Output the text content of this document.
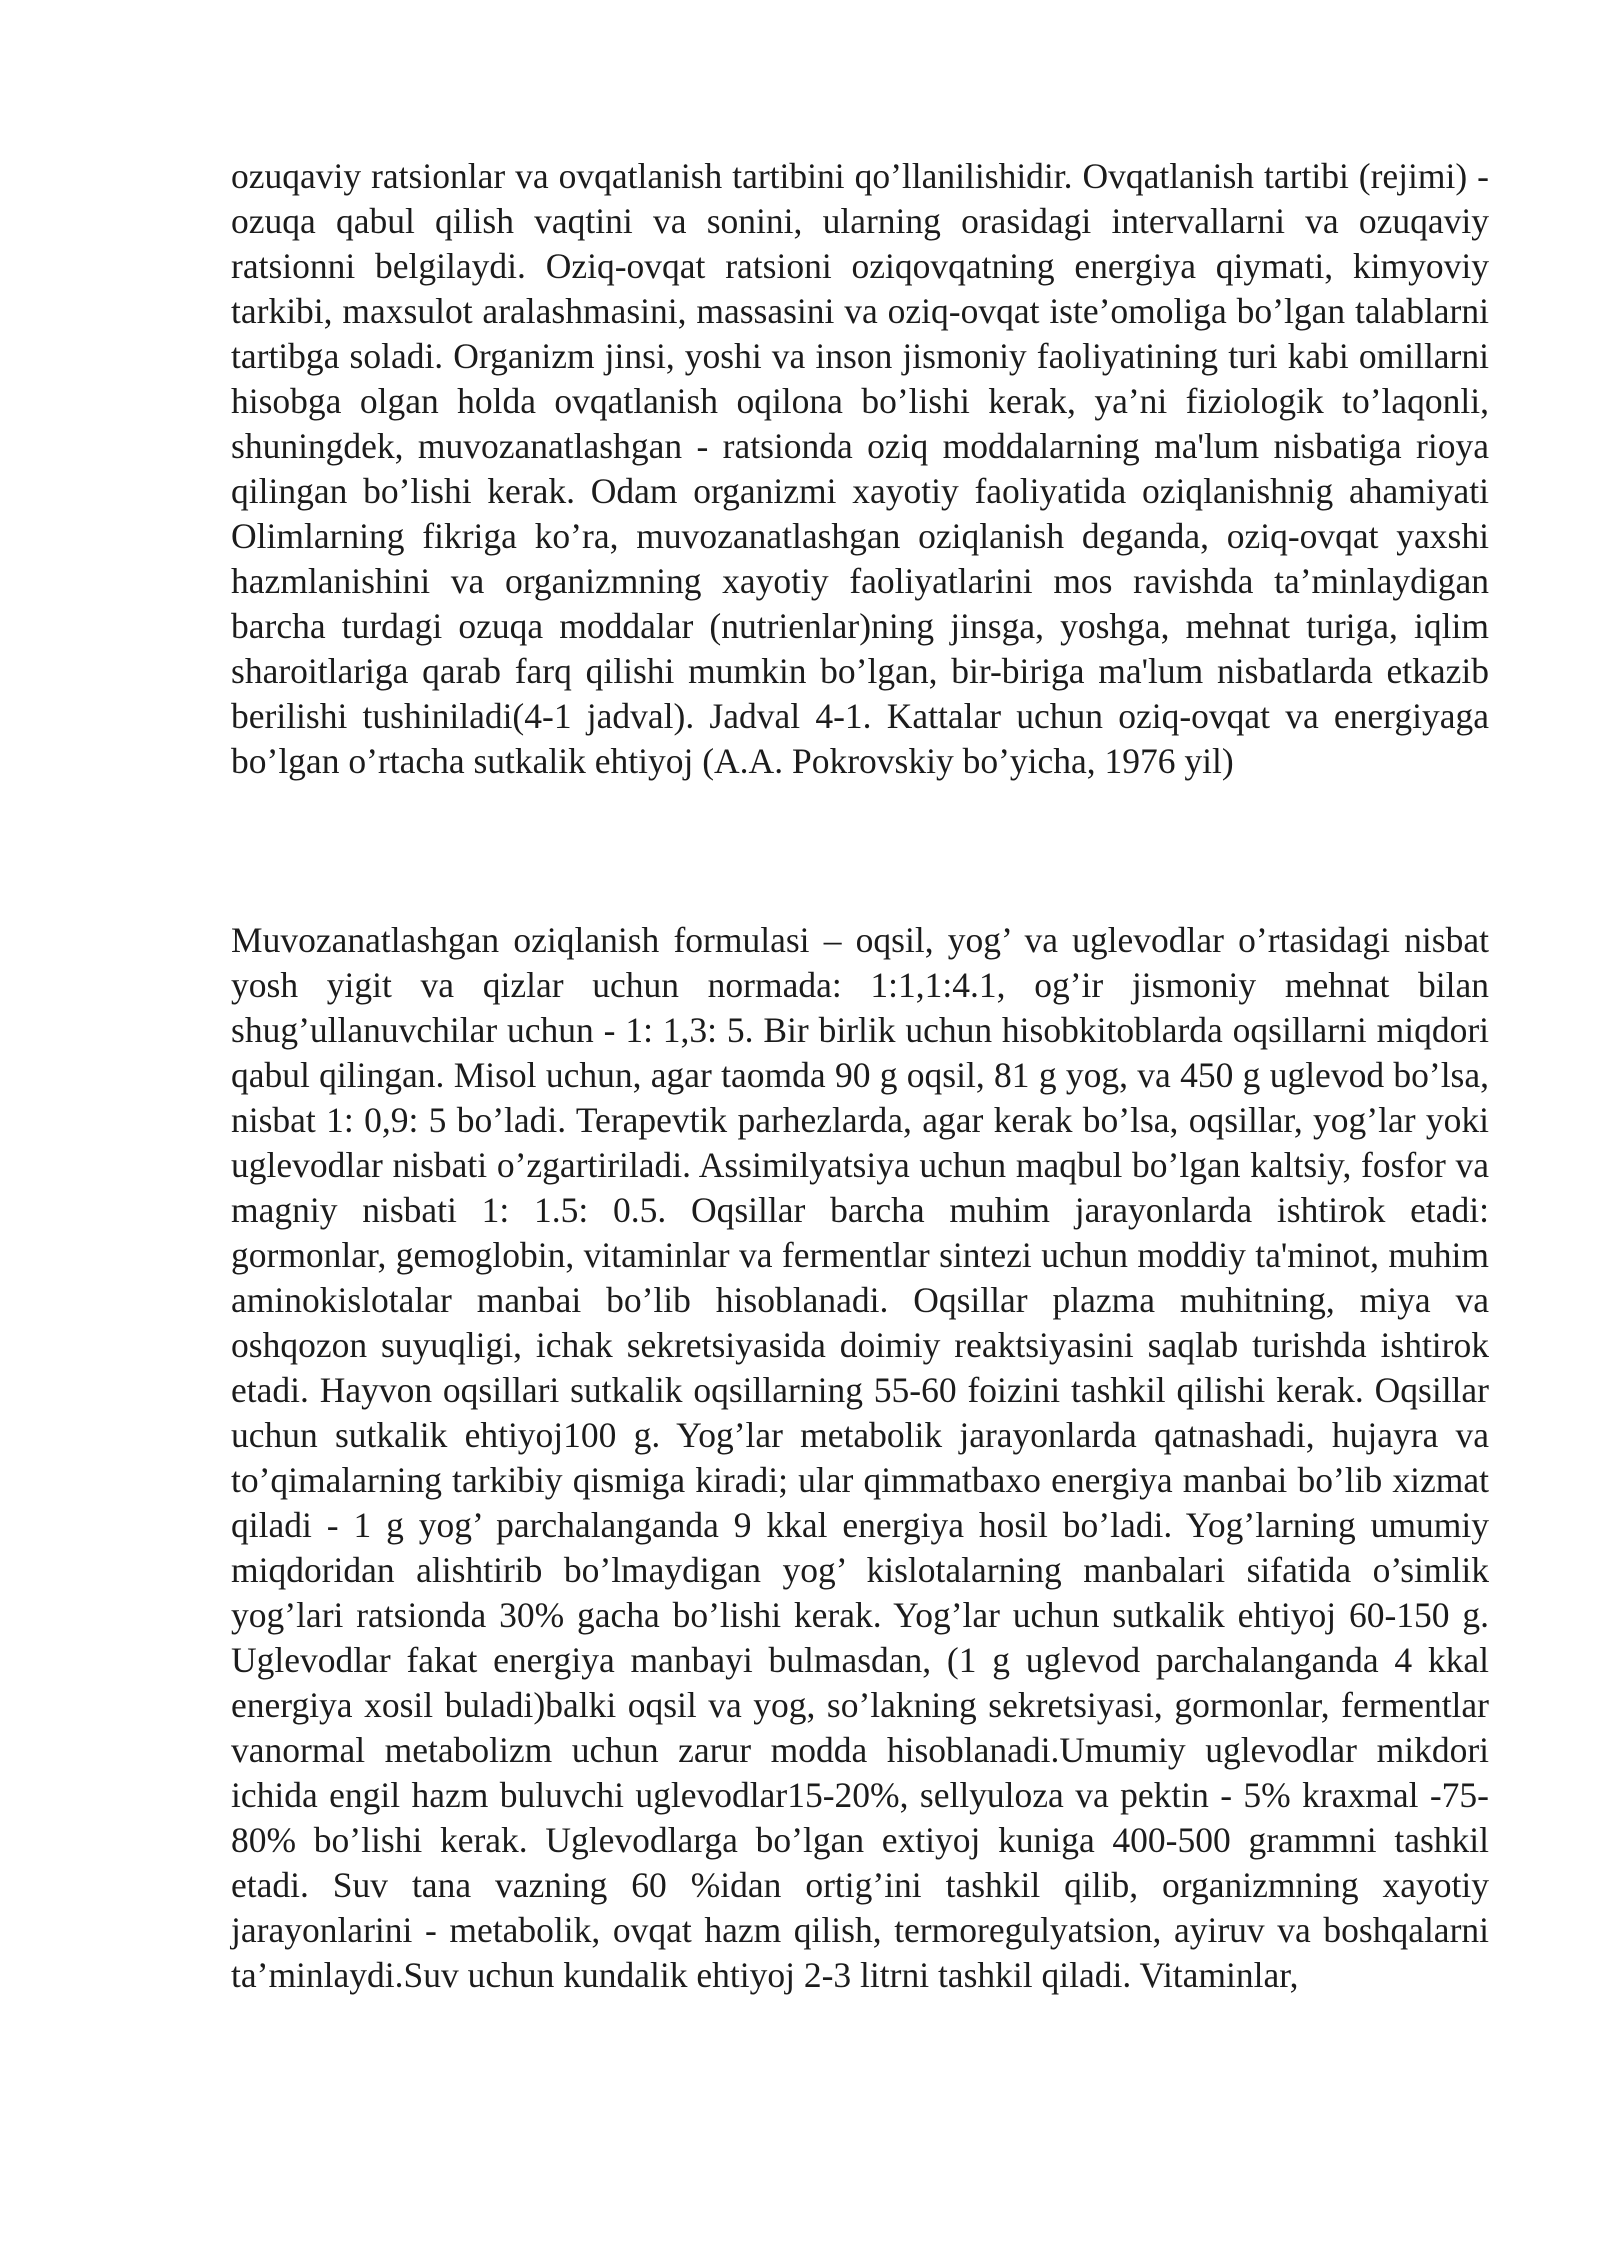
ozuqaviy ratsionlar va ovqatlanish tartibini qo’llanilishidir. Ovqatlanish tartibi (rejimi) - ozuqa qabul qilish vaqtini va sonini, ularning orasidagi intervallarni va ozuqaviy ratsionni belgilaydi. Oziq-ovqat ratsioni oziqovqatning energiya qiymati, kimyoviy tarkibi, maxsulot aralashmasini, massasini va oziq-ovqat iste’omoliga bo’lgan talablarni tartibga soladi. Organizm jinsi, yoshi va inson jismoniy faoliyatining turi kabi omillarni hisobga olgan holda ovqatlanish oqilona bo’lishi kerak, ya’ni fiziologik to’laqonli, shuningdek, muvozanatlashgan - ratsionda oziq moddalarning ma'lum nisbatiga rioya qilingan bo’lishi kerak. Odam organizmi xayotiy faoliyatida oziqlanishnig ahamiyati Olimlarning fikriga ko’ra, muvozanatlashgan oziqlanish deganda, oziq-ovqat yaxshi hazmlanishini va organizmning xayotiy faoliyatlarini mos ravishda ta’minlaydigan barcha turdagi ozuqa moddalar (nutrienlar)ning jinsga, yoshga, mehnat turiga, iqlim sharoitlariga qarab farq qilishi mumkin bo’lgan, bir-biriga ma'lum nisbatlarda etkazib berilishi tushiniladi(4-1 jadval). Jadval 4-1. Kattalar uchun oziq-ovqat va energiyaga bo’lgan o’rtacha sutkalik ehtiyoj (A.A. Pokrovskiy bo’yicha, 1976 yil)

Muvozanatlashgan oziqlanish formulasi – oqsil, yog’ va uglevodlar o’rtasidagi nisbat yosh yigit va qizlar uchun normada: 1:1,1:4.1, og’ir jismoniy mehnat bilan shug’ullanuvchilar uchun - 1: 1,3: 5. Bir birlik uchun hisobkitoblarda oqsillarni miqdori qabul qilingan. Misol uchun, agar taomda 90 g oqsil, 81 g yog, va 450 g uglevod bo’lsa, nisbat 1: 0,9: 5 bo’ladi. Terapevtik parhezlarda, agar kerak bo’lsa, oqsillar, yog’lar yoki uglevodlar nisbati o’zgartiriladi. Assimilyatsiya uchun maqbul bo’lgan kaltsiy, fosfor va magniy nisbati 1: 1.5: 0.5. Oqsillar barcha muhim jarayonlarda ishtirok etadi: gormonlar, gemoglobin, vitaminlar va fermentlar sintezi uchun moddiy ta'minot, muhim aminokislotalar manbai bo’lib hisoblanadi. Oqsillar plazma muhitning, miya va oshqozon suyuqligi, ichak sekretsiyasida doimiy reaktsiyasini saqlab turishda ishtirok etadi. Hayvon oqsillari sutkalik oqsillarning 55-60 foizini tashkil qilishi kerak. Oqsillar uchun sutkalik ehtiyoj100 g. Yog’lar metabolik jarayonlarda qatnashadi, hujayra va to’qimalarning tarkibiy qismiga kiradi; ular qimmatbaxo energiya manbai bo’lib xizmat qiladi - 1 g yog’ parchalanganda 9 kkal energiya hosil bo’ladi. Yog’larning umumiy miqdoridan alishtirib bo’lmaydigan yog’ kislotalarning manbalari sifatida o’simlik yog’lari ratsionda 30% gacha bo’lishi kerak. Yog’lar uchun sutkalik ehtiyoj 60-150 g. Uglevodlar fakat energiya manbayi bulmasdan, (1 g uglevod parchalanganda 4 kkal energiya xosil buladi)balki oqsil va yog, so’lakning sekretsiyasi, gormonlar, fermentlar vanormal metabolizm uchun zarur modda hisoblanadi.Umumiy uglevodlar mikdori ichida engil hazm buluvchi uglevodlar15-20%, sellyuloza va pektin - 5% kraxmal -75-80% bo’lishi kerak. Uglevodlarga bo’lgan extiyoj kuniga 400-500 grammni tashkil etadi. Suv tana vazning 60 %idan ortig’ini tashkil qilib, organizmning xayotiy jarayonlarini - metabolik, ovqat hazm qilish, termoregulyatsion, ayiruv va boshqalarni ta’minlaydi.Suv uchun kundalik ehtiyoj 2-3 litrni tashkil qiladi. Vitaminlar,
